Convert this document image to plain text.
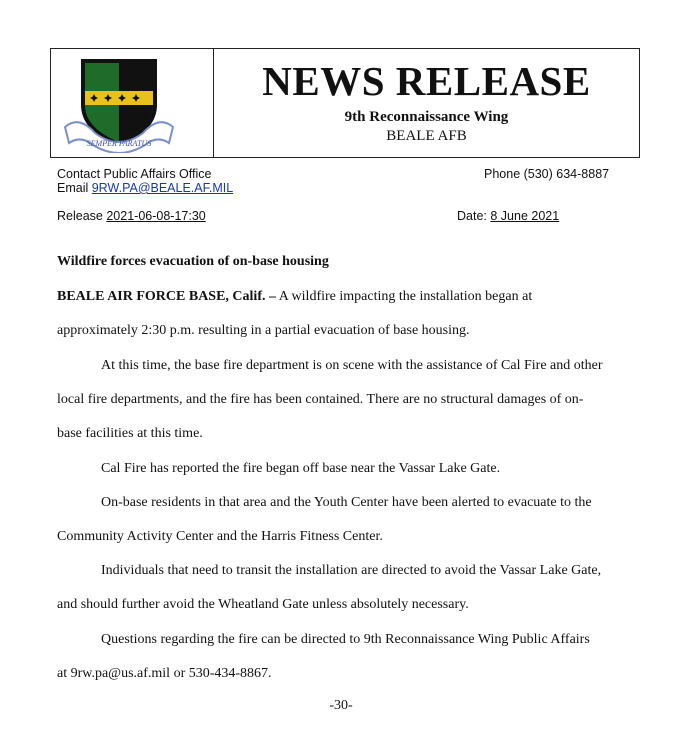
SEMPER PARATUS
NEWS RELEASE
9th Reconnaissance Wing
BEALE AFB
Contact Public Affairs Office
Email 9RW.PA@BEALE.AF.MIL
Phone (530) 634-8887
Release 2021-06-08-17:30	Date: 8 June 2021
Wildfire forces evacuation of on-base housing
BEALE AIR FORCE BASE, Calif. – A wildfire impacting the installation began at
approximately 2:30 p.m. resulting in a partial evacuation of base housing.
At this time, the base fire department is on scene with the assistance of Cal Fire and other
local fire departments, and the fire has been contained. There are no structural damages of on-
base facilities at this time.
Cal Fire has reported the fire began off base near the Vassar Lake Gate.
On-base residents in that area and the Youth Center have been alerted to evacuate to the
Community Activity Center and the Harris Fitness Center.
Individuals that need to transit the installation are directed to avoid the Vassar Lake Gate,
and should further avoid the Wheatland Gate unless absolutely necessary.
Questions regarding the fire can be directed to 9th Reconnaissance Wing Public Affairs
at 9rw.pa@us.af.mil or 530-434-8867.
-30-
